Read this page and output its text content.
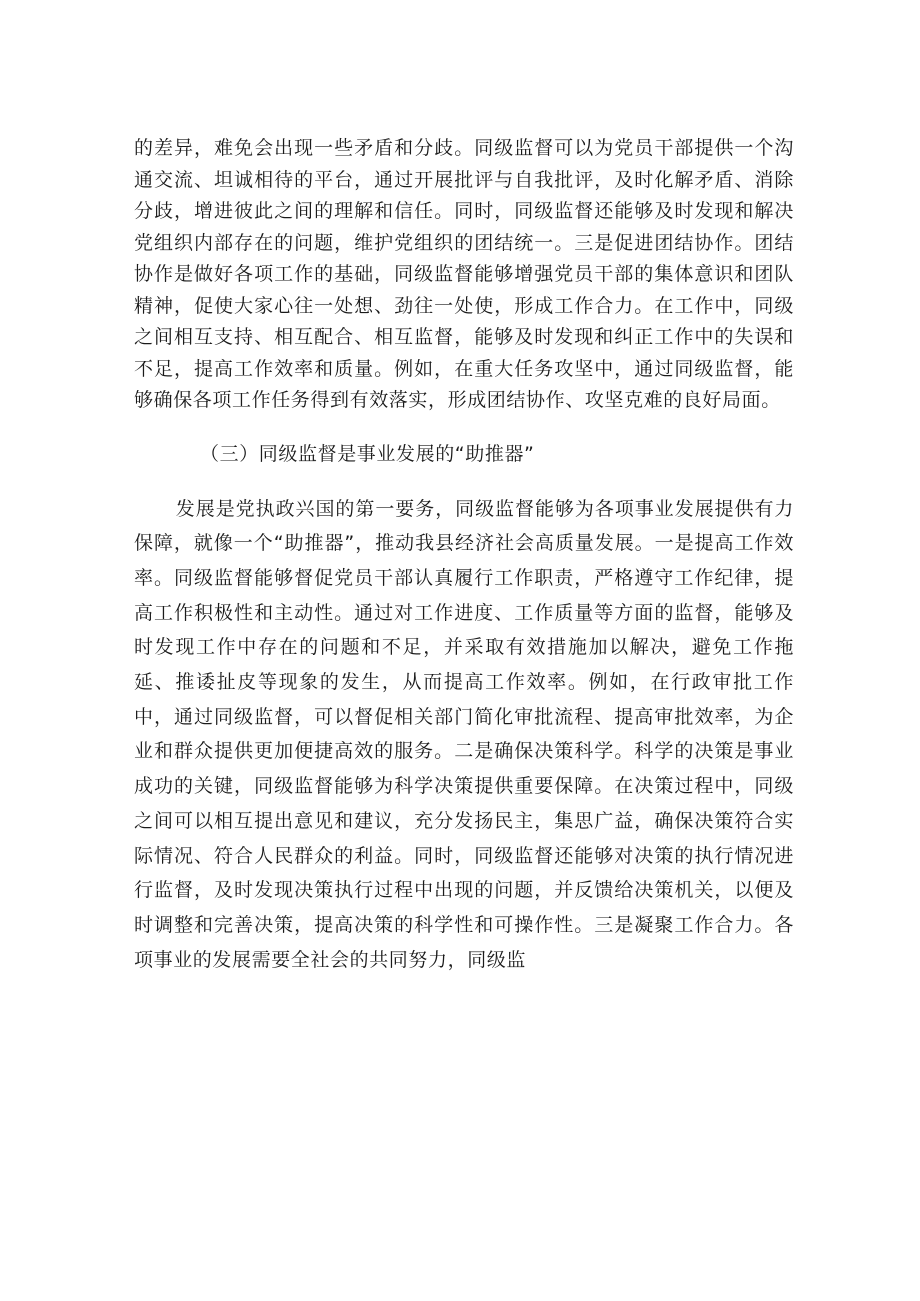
的差异，难免会出现一些矛盾和分歧。同级监督可以为党员干部提供一个沟通交流、坦诚相待的平台，通过开展批评与自我批评，及时化解矛盾、消除分歧，增进彼此之间的理解和信任。同时，同级监督还能够及时发现和解决党组织内部存在的问题，维护党组织的团结统一。三是促进团结协作。团结协作是做好各项工作的基础，同级监督能够增强党员干部的集体意识和团队精神，促使大家心往一处想、劲往一处使，形成工作合力。在工作中，同级之间相互支持、相互配合、相互监督，能够及时发现和纠正工作中的失误和不足，提高工作效率和质量。例如，在重大任务攻坚中，通过同级监督，能够确保各项工作任务得到有效落实，形成团结协作、攻坚克难的良好局面。

（三）同级监督是事业发展的“助推器”

发展是党执政兴国的第一要务，同级监督能够为各项事业发展提供有力保障，就像一个“助推器”，推动我县经济社会高质量发展。一是提高工作效率。同级监督能够督促党员干部认真履行工作职责，严格遵守工作纪律，提高工作积极性和主动性。通过对工作进度、工作质量等方面的监督，能够及时发现工作中存在的问题和不足，并采取有效措施加以解决，避免工作拖延、推诿扯皮等现象的发生，从而提高工作效率。例如，在行政审批工作中，通过同级监督，可以督促相关部门简化审批流程、提高审批效率，为企业和群众提供更加便捷高效的服务。二是确保决策科学。科学的决策是事业成功的关键，同级监督能够为科学决策提供重要保障。在决策过程中，同级之间可以相互提出意见和建议，充分发扬民主，集思广益，确保决策符合实际情况、符合人民群众的利益。同时，同级监督还能够对决策的执行情况进行监督，及时发现决策执行过程中出现的问题，并反馈给决策机关，以便及时调整和完善决策，提高决策的科学性和可操作性。三是凝聚工作合力。各项事业的发展需要全社会的共同努力，同级监
